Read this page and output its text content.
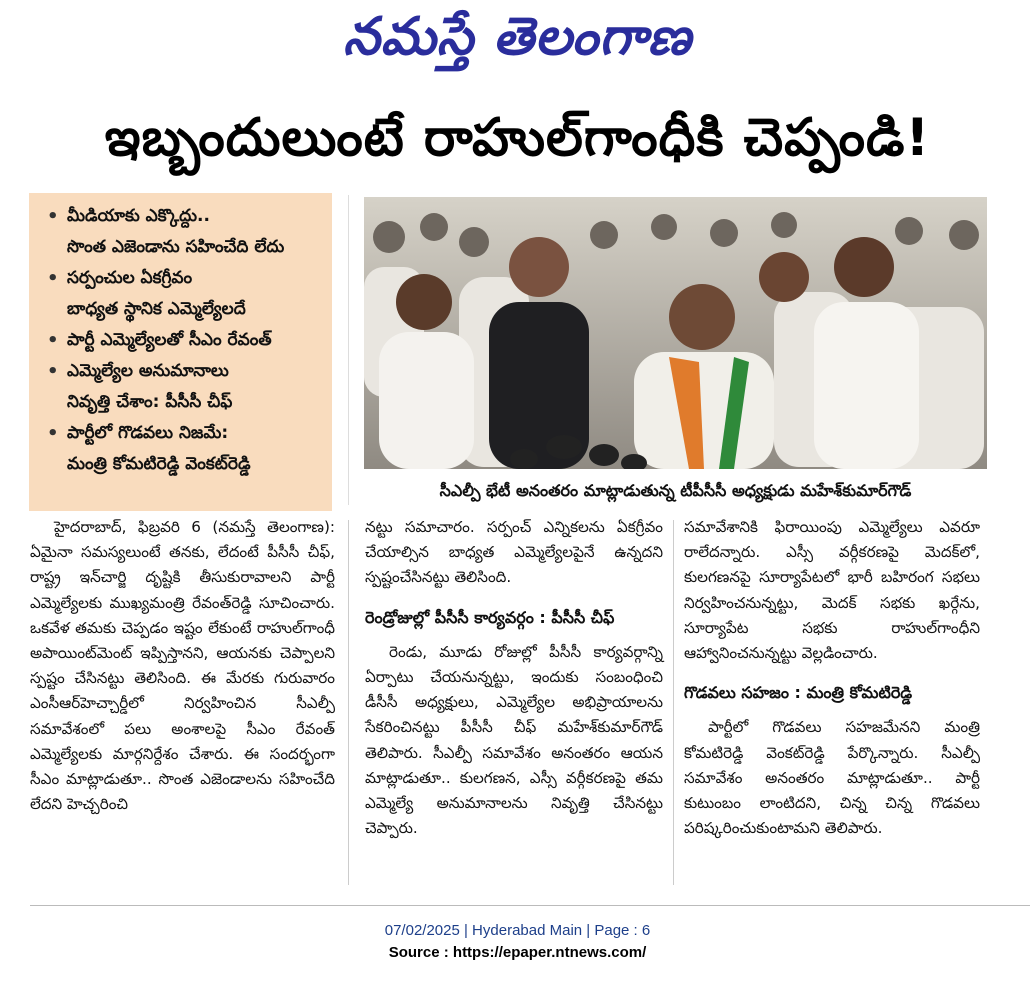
నమస్తే తెలంగాణ
ఇబ్బందులుంటే రాహుల్‌గాంధీకి చెప్పండి!
• మీడియాకు ఎక్కొద్దు..
సొంత ఎజెండాను సహించేది లేదు
• సర్పంచుల ఏకగ్రీవం
బాధ్యత స్థానిక ఎమ్మెల్యేలదే
• పార్టీ ఎమ్మెల్యేలతో సీఎం రేవంత్
• ఎమ్మెల్యేల అనుమానాలు
నివృత్తి చేశాం: పీసీసీ చీఫ్
• పార్టీలో గొడవలు నిజమే:
మంత్రి కోమటిరెడ్డి వెంకట్‌రెడ్డి
సీఎల్పీ భేటీ అనంతరం మాట్లాడుతున్న టీపీసీసీ అధ్యక్షుడు మహేశ్‌కుమార్‌గౌడ్

హైదరాబాద్‌, ఫిబ్రవరి 6 (నమస్తే తెలంగాణ): ఏమైనా సమస్యలుంటే తనకు, లేదంటే పీసీసీ చీఫ్‌, రాష్ట్ర ఇన్‌చార్జి దృష్టికి తీసుకురావాలని పార్టీ ఎమ్మెల్యేలకు ముఖ్యమంత్రి రేవంత్‌రెడ్డి సూచించారు. ఒకవేళ తమకు చెప్పడం ఇష్టం లేకుంటే రాహుల్‌గాంధీ అపాయింట్‌మెంట్‌ ఇప్పిస్తానని, ఆయనకు చెప్పాలని స్పష్టం చేసినట్టు తెలిసింది. ఈ మేరకు గురువారం ఎంసీఆర్‌హెచ్చార్డీలో నిర్వహించిన సీఎల్పీ సమావేశంలో పలు అంశాలపై సీఎం రేవంత్‌ ఎమ్మెల్యేలకు మార్గనిర్దేశం చేశారు. ఈ సందర్భంగా సీఎం మాట్లాడుతూ.. సొంత ఎజెండాలను సహించేది లేదని హెచ్చరించి

నట్టు సమాచారం. సర్పంచ్‌ ఎన్నికలను ఏకగ్రీవం చేయాల్సిన బాధ్యత ఎమ్మెల్యేలపైనే ఉన్నదని స్పష్టంచేసినట్టు తెలిసింది.

రెండ్రోజుల్లో పీసీసీ కార్యవర్గం : పీసీసీ చీఫ్‌

రెండు, మూడు రోజుల్లో పీసీసీ కార్యవర్గాన్ని ఏర్పాటు చేయనున్నట్టు, ఇందుకు సంబంధించి డీసీసీ అధ్యక్షులు, ఎమ్మెల్యేల అభిప్రాయాలను సేకరించినట్టు పీసీసీ చీఫ్‌ మహేశ్‌కుమార్‌గౌడ్‌ తెలిపారు. సీఎల్పీ సమావేశం అనంతరం ఆయన మాట్లాడుతూ.. కులగణన, ఎస్సీ వర్గీకరణపై తమ ఎమ్మెల్యే అనుమానాలను నివృత్తి చేసినట్టు చెప్పారు.

సమావేశానికి ఫిరాయింపు ఎమ్మెల్యేలు ఎవరూ రాలేదన్నారు. ఎస్సీ వర్గీకరణపై మెదక్‌లో, కులగణనపై సూర్యాపేటలో భారీ బహిరంగ సభలు నిర్వహించనున్నట్టు, మెదక్‌ సభకు ఖర్గేను, సూర్యాపేట సభకు రాహుల్‌గాంధీని ఆహ్వానించనున్నట్టు వెల్లడించారు.

గొడవలు సహజం : మంత్రి కోమటిరెడ్డి

పార్టీలో గొడవలు సహజమేనని మంత్రి కోమటిరెడ్డి వెంకట్‌రెడ్డి పేర్కొన్నారు. సీఎల్పీ సమావేశం అనంతరం మాట్లాడుతూ.. పార్టీ కుటుంబం లాంటిదని, చిన్న చిన్న గొడవలు పరిష్కరించుకుంటామని తెలిపారు.

07/02/2025 | Hyderabad Main | Page : 6
Source : https://epaper.ntnews.com/
